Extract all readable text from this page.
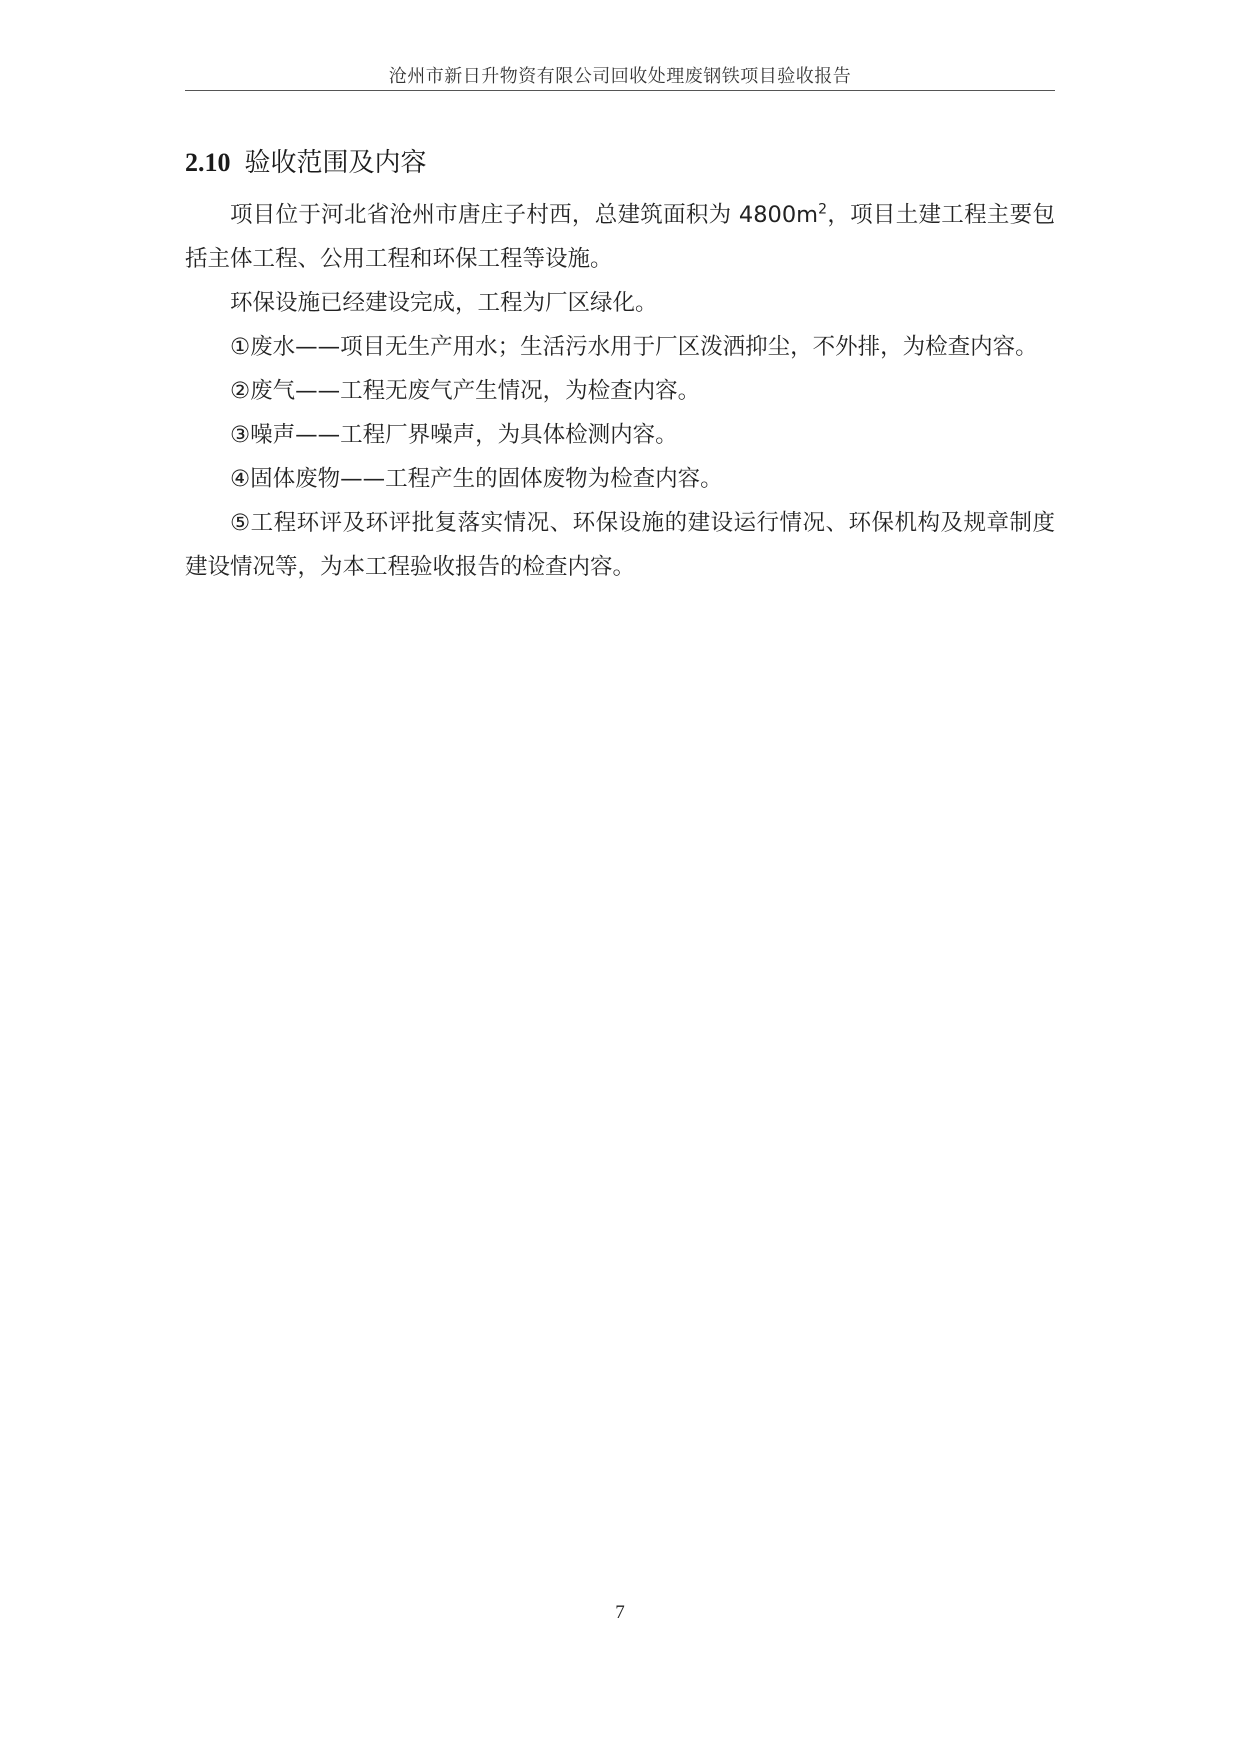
沧州市新日升物资有限公司回收处理废钢铁项目验收报告
2.10 验收范围及内容

项目位于河北省沧州市唐庄子村西，总建筑面积为 $4800m^2$，项目土建工程主要包括主体工程、公用工程和环保工程等设施。

环保设施已经建设完成，工程为厂区绿化。

①废水——项目无生产用水；生活污水用于厂区泼洒抑尘，不外排，为检查内容。

②废气——工程无废气产生情况，为检查内容。

③噪声——工程厂界噪声，为具体检测内容。

④固体废物——工程产生的固体废物为检查内容。

⑤工程环评及环评批复落实情况、环保设施的建设运行情况、环保机构及规章制度建设情况等，为本工程验收报告的检查内容。

7
